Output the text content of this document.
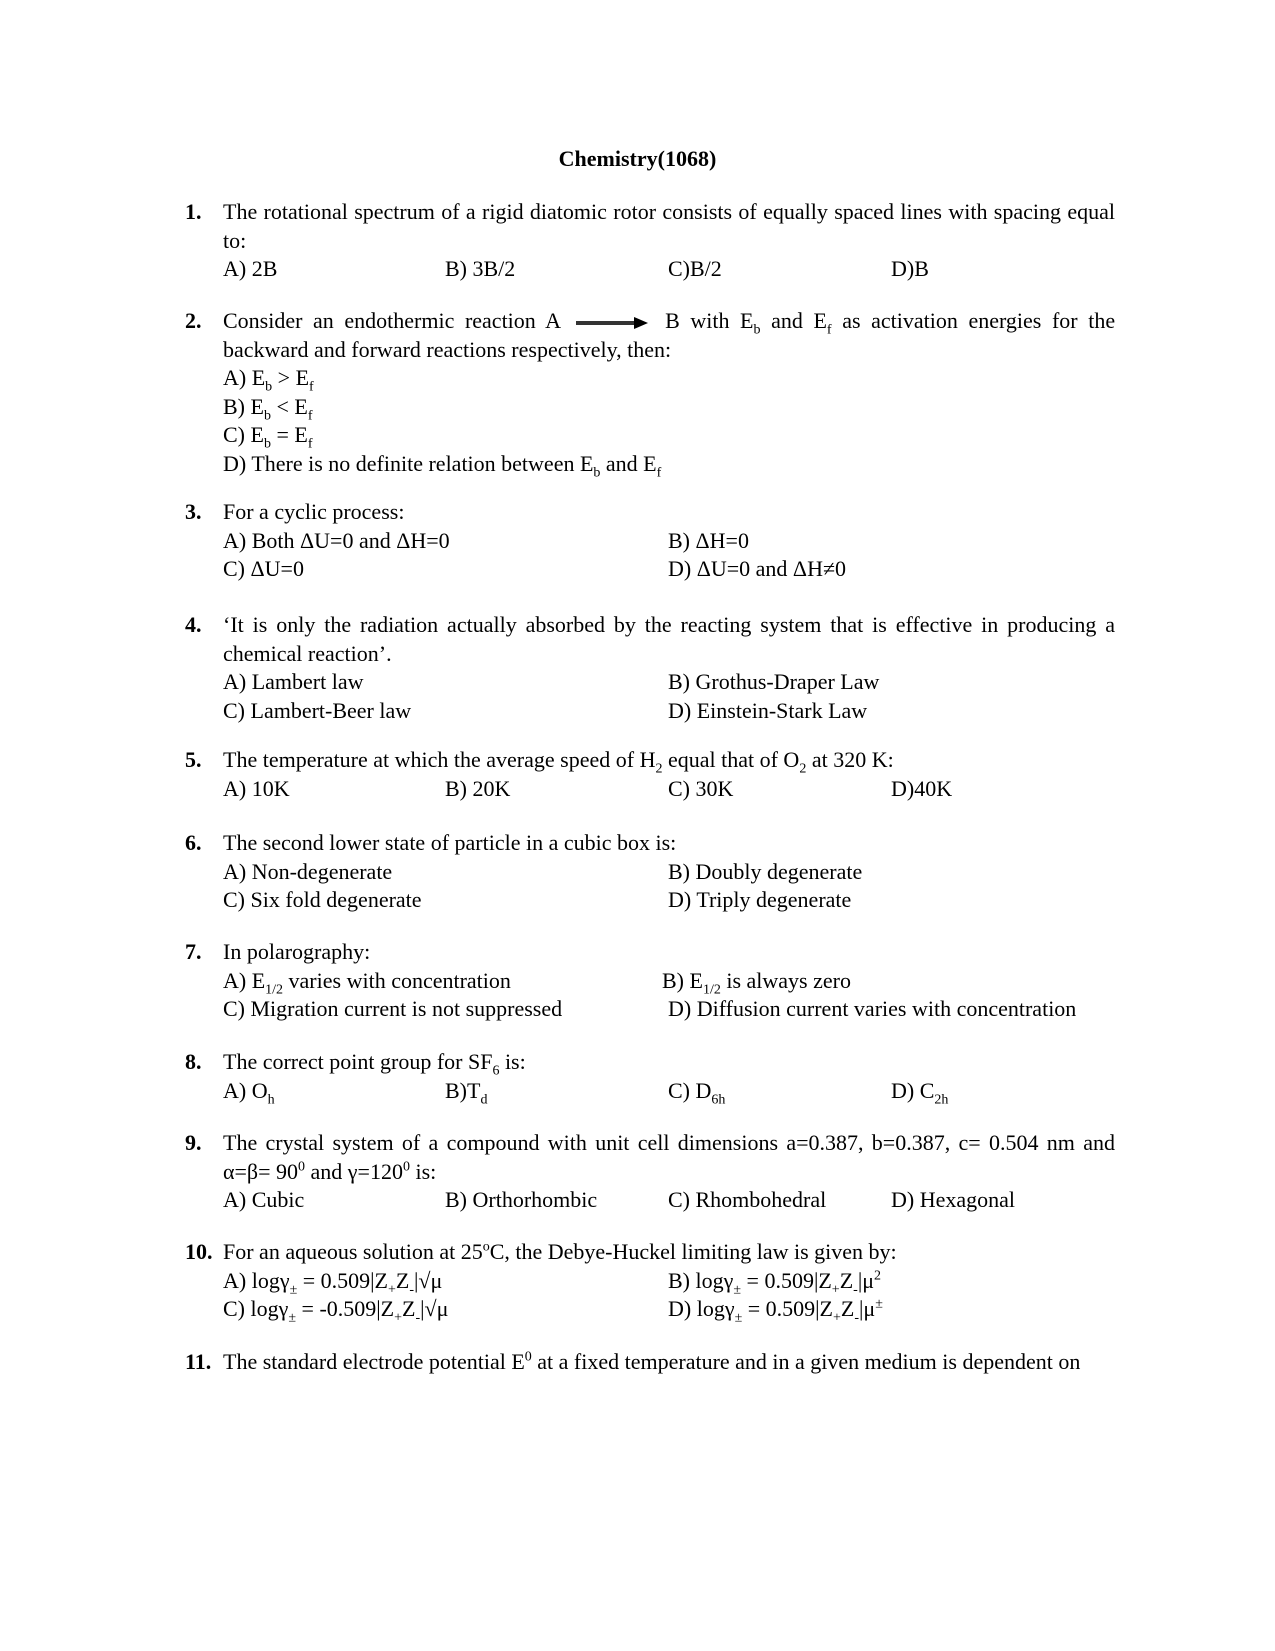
Chemistry(1068)
1. The rotational spectrum of a rigid diatomic rotor consists of equally spaced lines with spacing equal to:
A) 2B	B) 3B/2	C)B/2	D)B
2. Consider an endothermic reaction A → B with $E_b$ and $E_f$ as activation energies for the backward and forward reactions respectively, then:
A) $E_b > E_f$
B) $E_b < E_f$
C) $E_b = E_f$
D) There is no definite relation between $E_b$ and $E_f$
3. For a cyclic process:
A) Both ΔU=0 and ΔH=0	B) ΔH=0
C) ΔU=0	D) ΔU=0 and ΔH≠0
4. ‘It is only the radiation actually absorbed by the reacting system that is effective in producing a chemical reaction’.
A) Lambert law	B) Grothus-Draper Law
C) Lambert-Beer law	D) Einstein-Stark Law
5. The temperature at which the average speed of $H_2$ equal that of $O_2$ at 320 K:
A) 10K	B) 20K	C) 30K	D)40K
6. The second lower state of particle in a cubic box is:
A) Non-degenerate	B) Doubly degenerate
C) Six fold degenerate	D) Triply degenerate
7. In polarography:
A) $E_{1/2}$ varies with concentration	B) $E_{1/2}$ is always zero
C) Migration current is not suppressed	D) Diffusion current varies with concentration
8. The correct point group for $SF_6$ is:
A) $O_h$	$B)T_d$	C) $D_{6h}$	D) $C_{2h}$
9. The crystal system of a compound with unit cell dimensions a=0.387, b=0.387, c= 0.504 nm and $\alpha=\beta= 90^0$ and $\gamma=120^0$ is:
A) Cubic	B) Orthorhombic	C) Rhombohedral	D) Hexagonal
10. For an aqueous solution at 25$^o$C, the Debye-Huckel limiting law is given by:
A) $\log\gamma_\pm = 0.509|Z_+Z_-|√\mu$	B) $\log\gamma_\pm = 0.509|Z_+Z_-|\mu^2$
C) $\log\gamma_\pm = -0.509|Z_+Z_-|√\mu$	D) $\log\gamma_\pm = 0.509|Z_+Z_-|\mu^\pm$
11. The standard electrode potential $E^0$ at a fixed temperature and in a given medium is dependent on
